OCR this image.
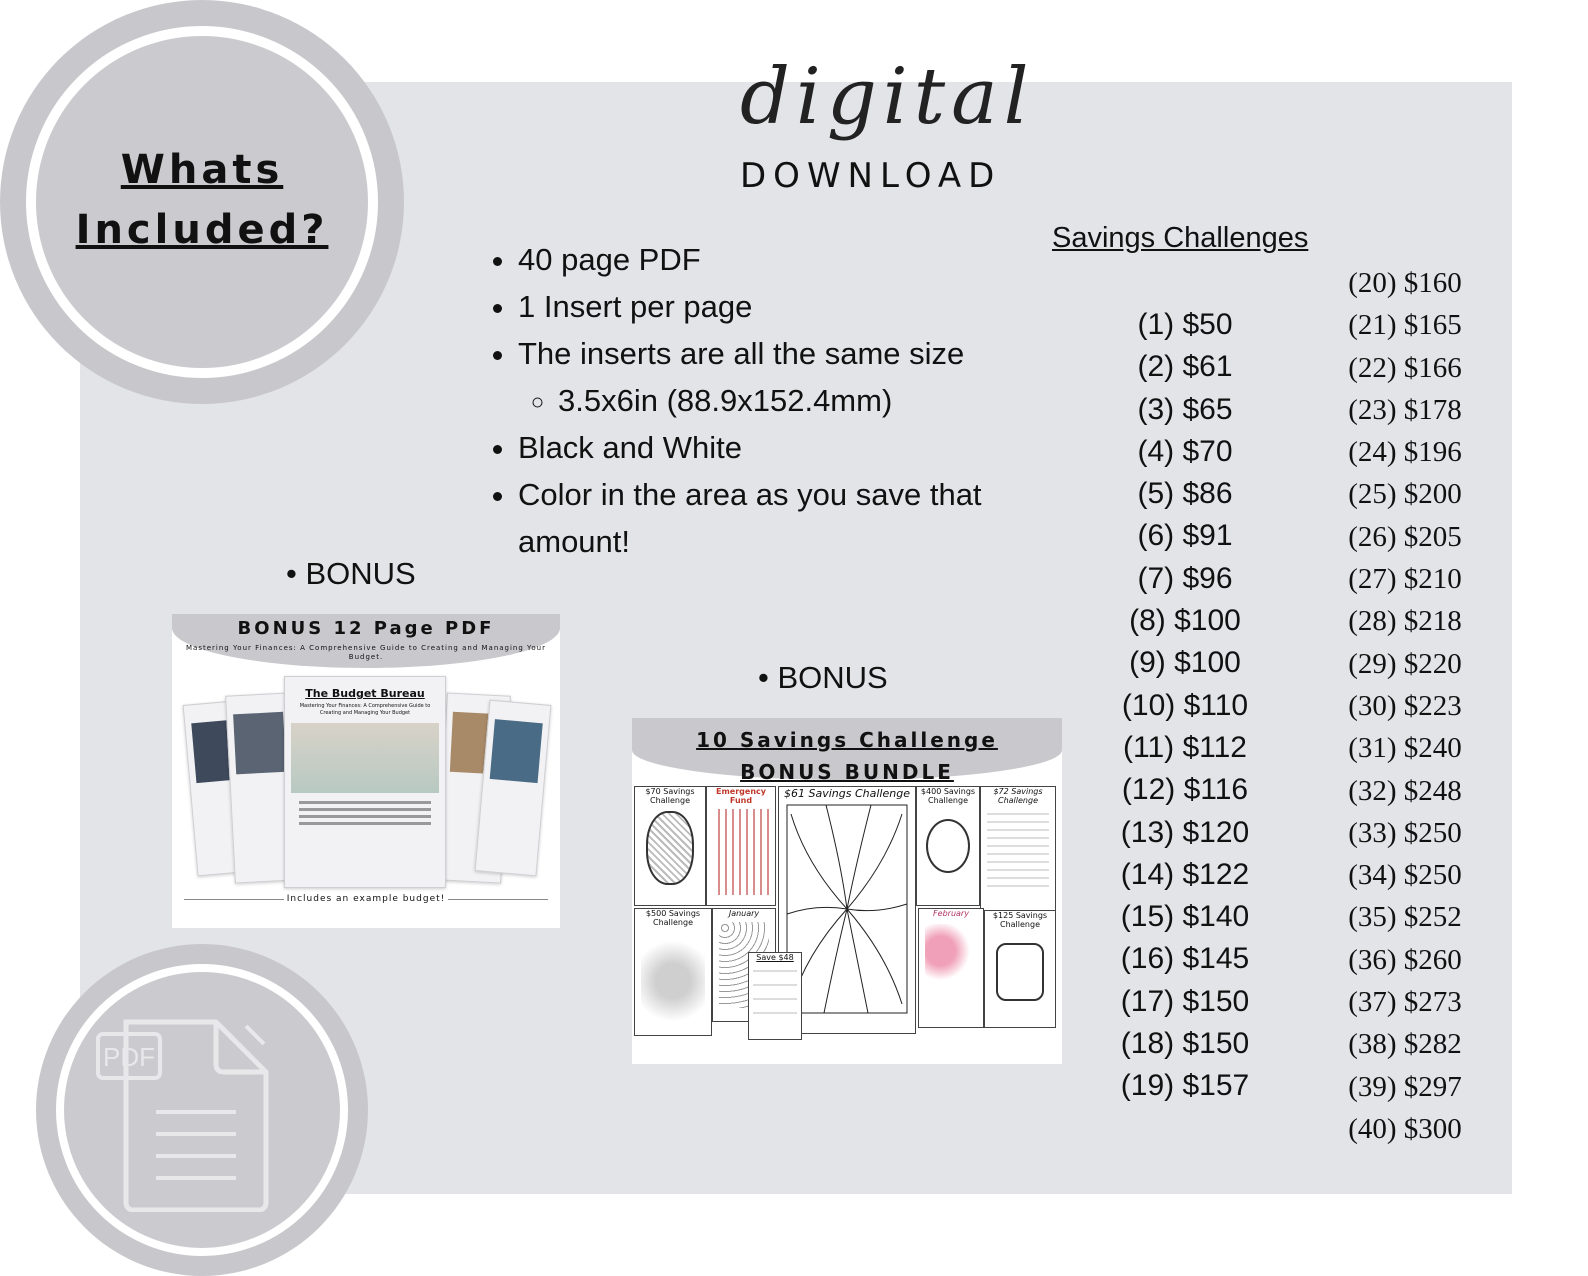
Whats
Included?
digital
DOWNLOAD
• 40 page PDF
• 1 Insert per page
• The inserts are all the same size
◦ 3.5x6in (88.9x152.4mm)
• Black and White
• Color in the area as you save that amount!
• BONUS
• BONUS
BONUS 12 Page PDF
Mastering Your Finances: A Comprehensive Guide to Creating and Managing Your Budget.
The Budget Bureau
Mastering Your Finances: A Comprehensive Guide to Creating and Managing Your Budget
Includes an example budget!
10 Savings Challenge
BONUS BUNDLE
$70 Savings Challenge
Emergency Fund
$61 Savings Challenge	$400 Savings Challenge
$72 Savings Challenge
$500 Savings Challenge
January
Save $48
February	$125 Savings Challenge
Savings Challenges
(1) $50
(2) $61
(3) $65
(4) $70
(5) $86
(6) $91
(7) $96
(8) $100
(9) $100
(10) $110
(11) $112
(12) $116
(13) $120
(14) $122
(15) $140
(16) $145
(17) $150
(18) $150
(19) $157
(20) $160
(21) $165
(22) $166
(23) $178
(24) $196
(25) $200
(26) $205
(27) $210
(28) $218
(29) $220
(30) $223
(31) $240
(32) $248
(33) $250
(34) $250
(35) $252
(36) $260
(37) $273
(38) $282
(39) $297
(40) $300
PDF
